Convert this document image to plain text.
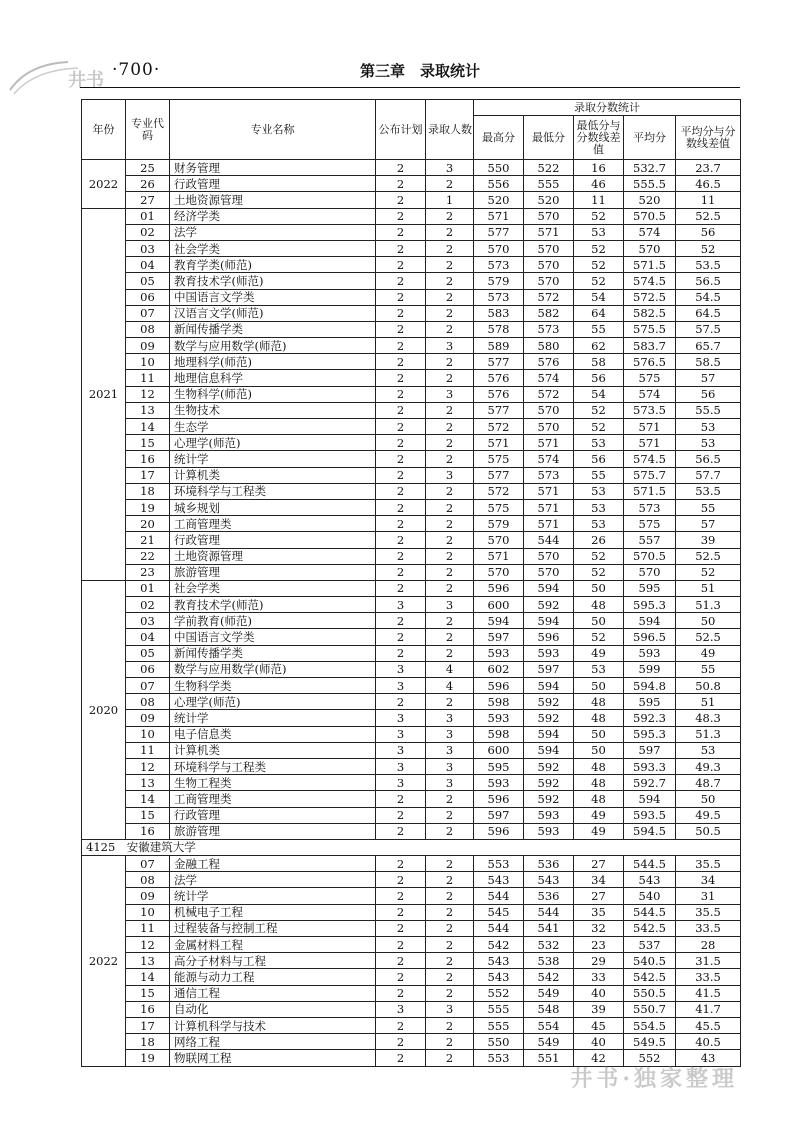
井书 ·700·	第三章　录取统计
年份	专业代码	专业名称	公布计划	录取人数	录取分数统计				
					最高分	最低分	最低分与分数线差值	平均分	平均分与分数线差值
2022	25	财务管理	2	3	550	522	16	532.7	23.7
	26	行政管理	2	2	556	555	46	555.5	46.5
	27	土地资源管理	2	1	520	520	11	520	11
2021	01	经济学类	2	2	571	570	52	570.5	52.5
	02	法学	2	2	577	571	53	574	56
	03	社会学类	2	2	570	570	52	570	52
	04	教育学类(师范)	2	2	573	570	52	571.5	53.5
	05	教育技术学(师范)	2	2	579	570	52	574.5	56.5
	06	中国语言文学类	2	2	573	572	54	572.5	54.5
	07	汉语言文学(师范)	2	2	583	582	64	582.5	64.5
	08	新闻传播学类	2	2	578	573	55	575.5	57.5
	09	数学与应用数学(师范)	2	3	589	580	62	583.7	65.7
	10	地理科学(师范)	2	2	577	576	58	576.5	58.5
	11	地理信息科学	2	2	576	574	56	575	57
	12	生物科学(师范)	2	3	576	572	54	574	56
	13	生物技术	2	2	577	570	52	573.5	55.5
	14	生态学	2	2	572	570	52	571	53
	15	心理学(师范)	2	2	571	571	53	571	53
	16	统计学	2	2	575	574	56	574.5	56.5
	17	计算机类	2	3	577	573	55	575.7	57.7
	18	环境科学与工程类	2	2	572	571	53	571.5	53.5
	19	城乡规划	2	2	575	571	53	573	55
	20	工商管理类	2	2	579	571	53	575	57
	21	行政管理	2	2	570	544	26	557	39
	22	土地资源管理	2	2	571	570	52	570.5	52.5
	23	旅游管理	2	2	570	570	52	570	52
2020	01	社会学类	2	2	596	594	50	595	51
	02	教育技术学(师范)	3	3	600	592	48	595.3	51.3
	03	学前教育(师范)	2	2	594	594	50	594	50
	04	中国语言文学类	2	2	597	596	52	596.5	52.5
	05	新闻传播学类	2	2	593	593	49	593	49
	06	数学与应用数学(师范)	3	4	602	597	53	599	55
	07	生物科学类	3	4	596	594	50	594.8	50.8
	08	心理学(师范)	2	2	598	592	48	595	51
	09	统计学	3	3	593	592	48	592.3	48.3
	10	电子信息类	3	3	598	594	50	595.3	51.3
	11	计算机类	3	3	600	594	50	597	53
	12	环境科学与工程类	3	3	595	592	48	593.3	49.3
	13	生物工程类	3	3	593	592	48	592.7	48.7
	14	工商管理类	2	2	596	592	48	594	50
	15	行政管理	2	2	597	593	49	593.5	49.5
	16	旅游管理	2	2	596	593	49	594.5	50.5
4125　安徽建筑大学									
2022	07	金融工程	2	2	553	536	27	544.5	35.5
	08	法学	2	2	543	543	34	543	34
	09	统计学	2	2	544	536	27	540	31
	10	机械电子工程	2	2	545	544	35	544.5	35.5
	11	过程装备与控制工程	2	2	544	541	32	542.5	33.5
	12	金属材料工程	2	2	542	532	23	537	28
	13	高分子材料与工程	2	2	543	538	29	540.5	31.5
	14	能源与动力工程	2	2	543	542	33	542.5	33.5
	15	通信工程	2	2	552	549	40	550.5	41.5
	16	自动化	3	3	555	548	39	550.7	41.7
	17	计算机科学与技术	2	2	555	554	45	554.5	45.5
	18	网络工程	2	2	550	549	40	549.5	40.5
	19	物联网工程	2	2	553	551	42	552	43
井书·独家整理
